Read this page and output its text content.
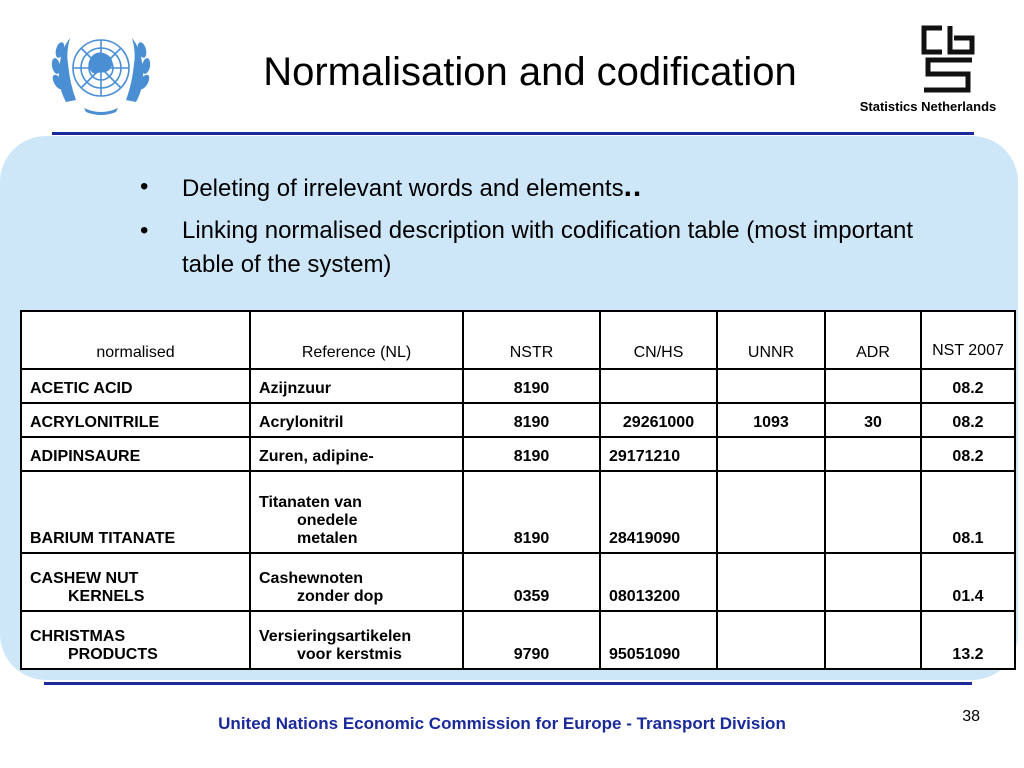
Statistics Netherlands
Normalisation and codification
• Deleting of irrelevant words and elements..
• Linking normalised description with codification table (most important table of the system)
normalised	Reference (NL)	NSTR	CN/HS	UNNR	ADR	NST 2007

ACETIC ACID	Azijnzuur	8190				08.2

ACRYLONITRILE	Acrylonitril	8190	29261000	1093	30	08.2

ADIPINSAURE	Zuren, adipine-	8190	29171210			08.2

BARIUM TITANATE	Titanaten van
onedele
metalen	8190	28419090			08.1

CASHEW NUT
KERNELS	Cashewnoten
zonder dop	0359	08013200			01.4

CHRISTMAS
PRODUCTS	Versieringsartikelen
voor kerstmis	9790	95051090			13.2
United Nations Economic Commission for Europe - Transport Division	38
